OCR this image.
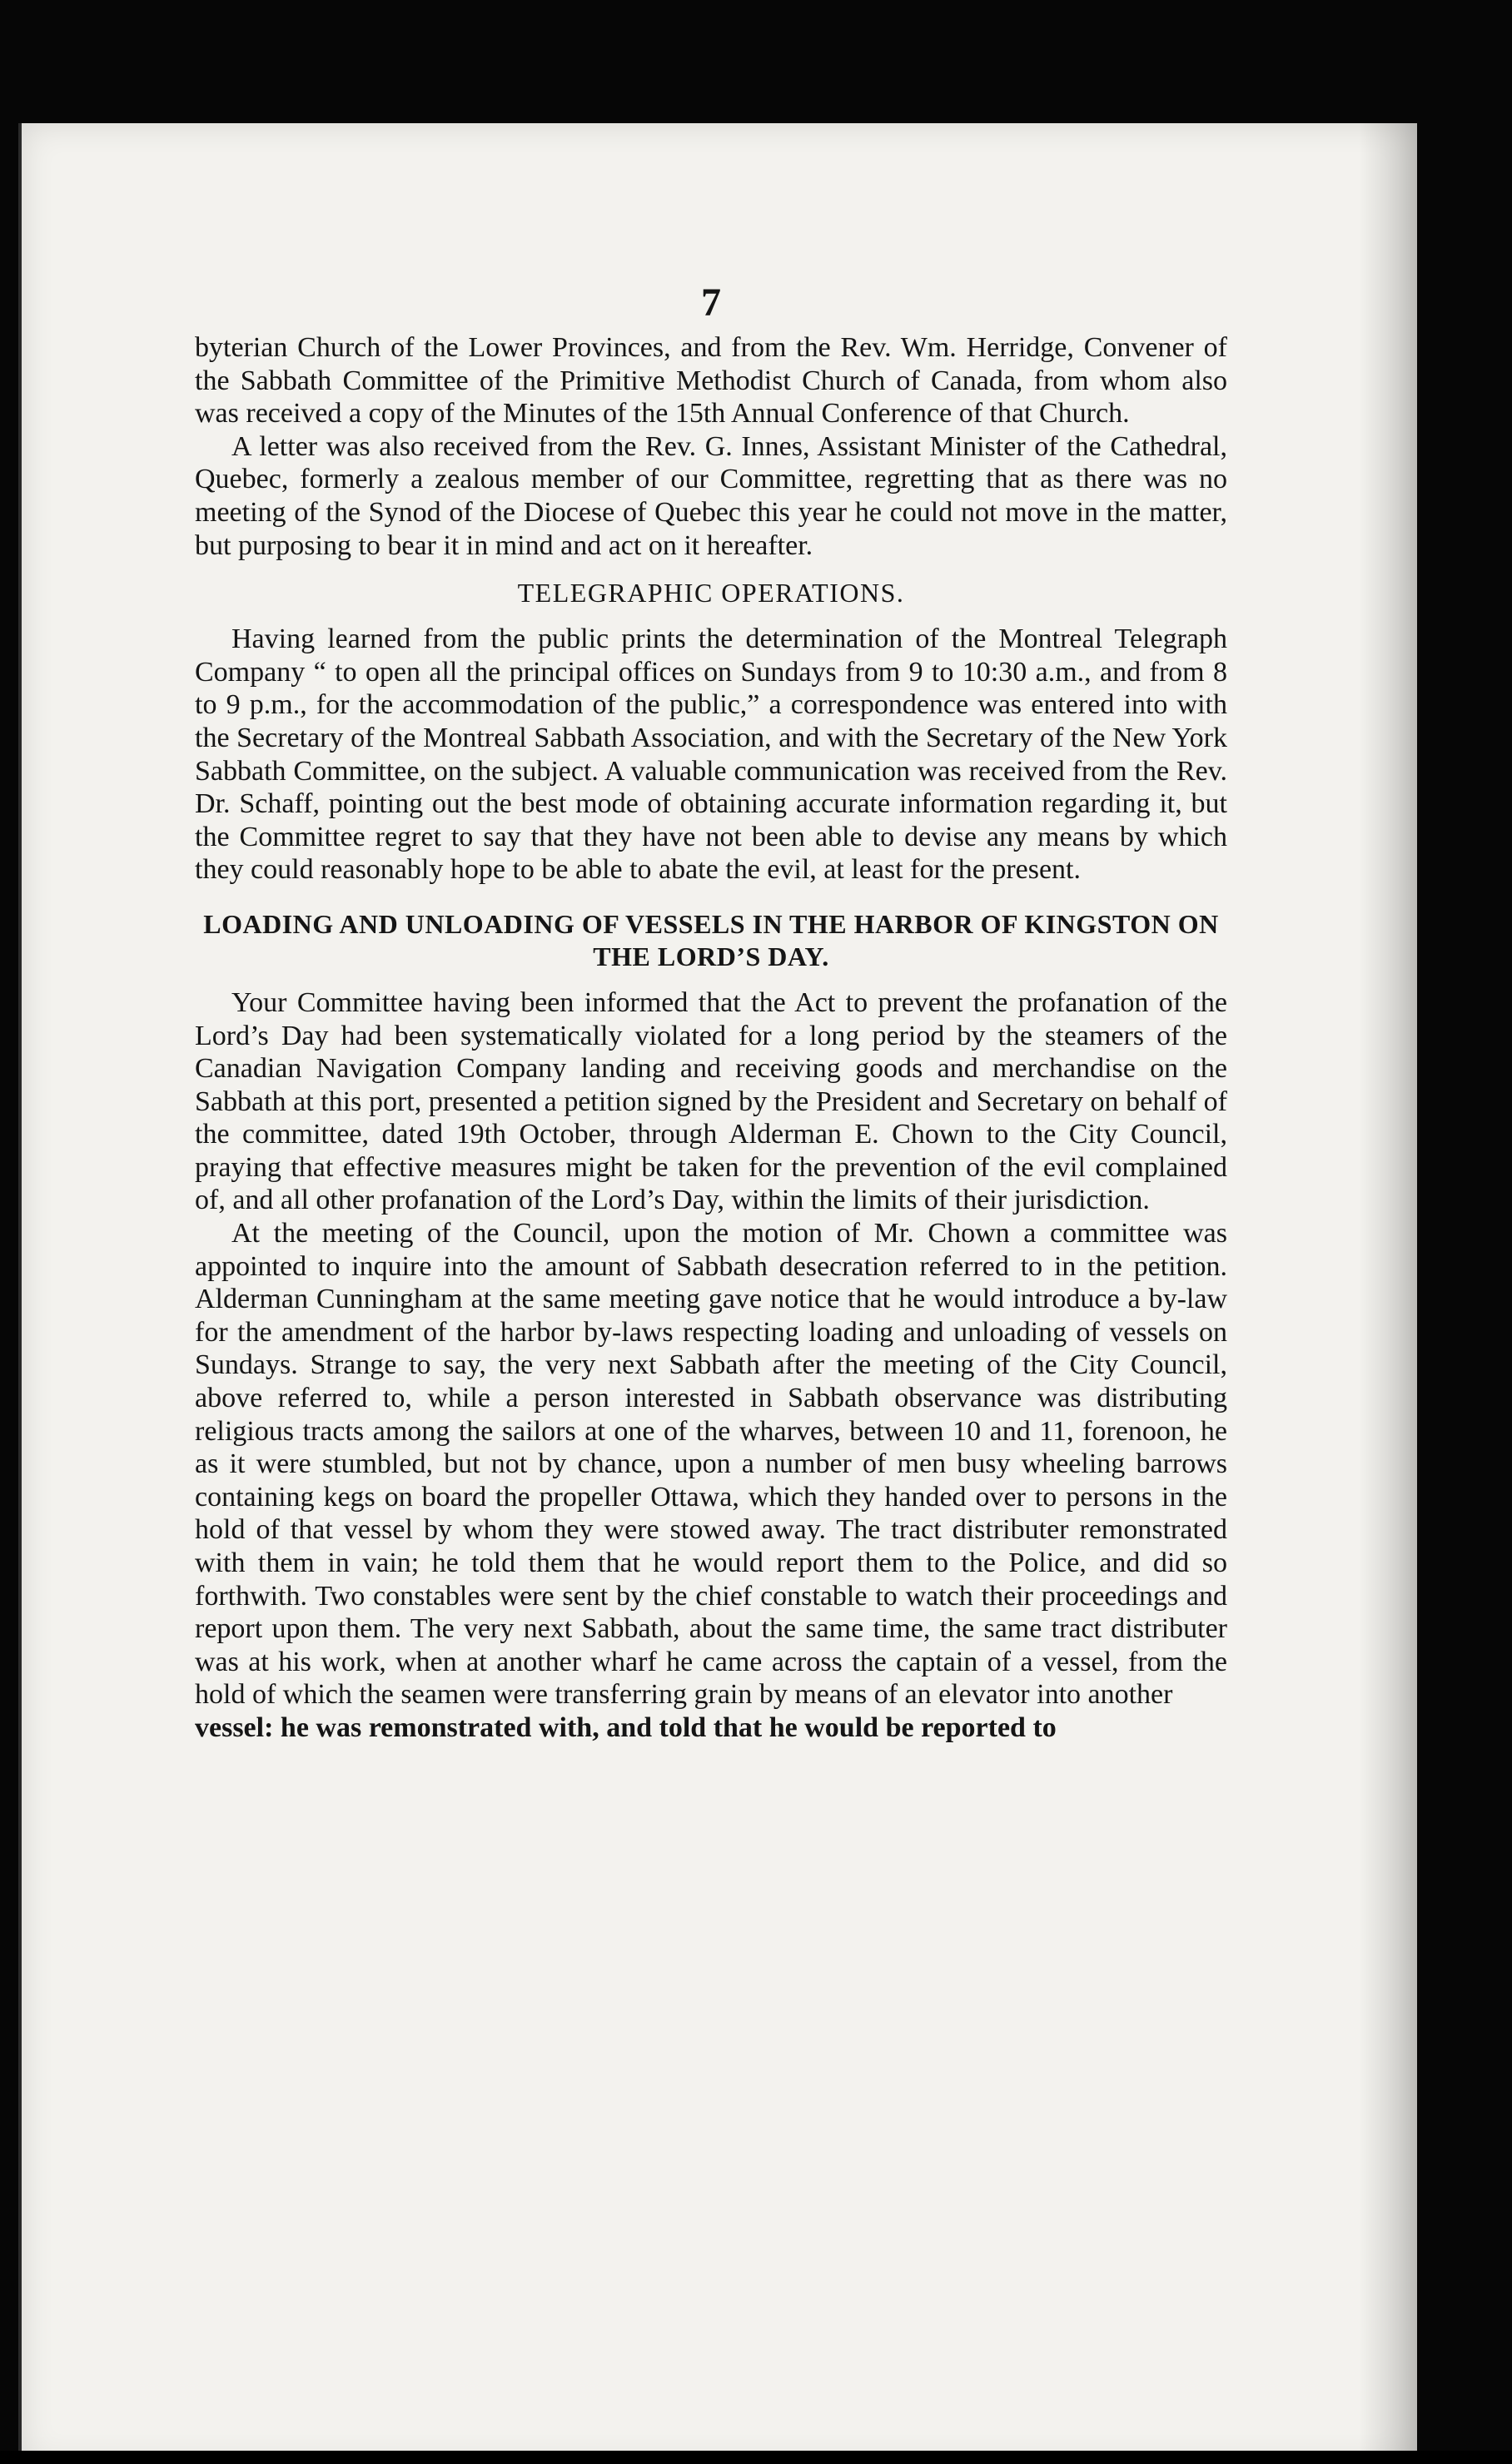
7

byterian Church of the Lower Provinces, and from the Rev. Wm. Herridge, Convener of the Sabbath Committee of the Primitive Methodist Church of Canada, from whom also was received a copy of the Minutes of the 15th Annual Conference of that Church.

A letter was also received from the Rev. G. Innes, Assistant Minister of the Cathedral, Quebec, formerly a zealous member of our Committee, regretting that as there was no meeting of the Synod of the Diocese of Quebec this year he could not move in the matter, but purposing to bear it in mind and act on it hereafter.

TELEGRAPHIC OPERATIONS.

Having learned from the public prints the determination of the Montreal Telegraph Company “ to open all the principal offices on Sundays from 9 to 10:30 a.m., and from 8 to 9 p.m., for the accommodation of the public,” a correspondence was entered into with the Secretary of the Montreal Sabbath Association, and with the Secretary of the New York Sabbath Committee, on the subject. A valuable communication was received from the Rev. Dr. Schaff, pointing out the best mode of obtaining accurate information regarding it, but the Committee regret to say that they have not been able to devise any means by which they could reasonably hope to be able to abate the evil, at least for the present.

LOADING AND UNLOADING OF VESSELS IN THE HARBOR OF KINGSTON ON THE LORD’S DAY.

Your Committee having been informed that the Act to prevent the profanation of the Lord’s Day had been systematically violated for a long period by the steamers of the Canadian Navigation Company landing and receiving goods and merchandise on the Sabbath at this port, presented a petition signed by the President and Secretary on behalf of the committee, dated 19th October, through Alderman E. Chown to the City Council, praying that effective measures might be taken for the prevention of the evil complained of, and all other profanation of the Lord’s Day, within the limits of their jurisdiction.

At the meeting of the Council, upon the motion of Mr. Chown a committee was appointed to inquire into the amount of Sabbath desecration referred to in the petition. Alderman Cunningham at the same meeting gave notice that he would introduce a by-law for the amendment of the harbor by-laws respecting loading and unloading of vessels on Sundays. Strange to say, the very next Sabbath after the meeting of the City Council, above referred to, while a person interested in Sabbath observance was distributing religious tracts among the sailors at one of the wharves, between 10 and 11, forenoon, he as it were stumbled, but not by chance, upon a number of men busy wheeling barrows containing kegs on board the propeller Ottawa, which they handed over to persons in the hold of that vessel by whom they were stowed away. The tract distributer remonstrated with them in vain; he told them that he would report them to the Police, and did so forthwith. Two constables were sent by the chief constable to watch their proceedings and report upon them. The very next Sabbath, about the same time, the same tract distributer was at his work, when at another wharf he came across the captain of a vessel, from the hold of which the seamen were transferring grain by means of an elevator into another

vessel: he was remonstrated with, and told that he would be reported to
